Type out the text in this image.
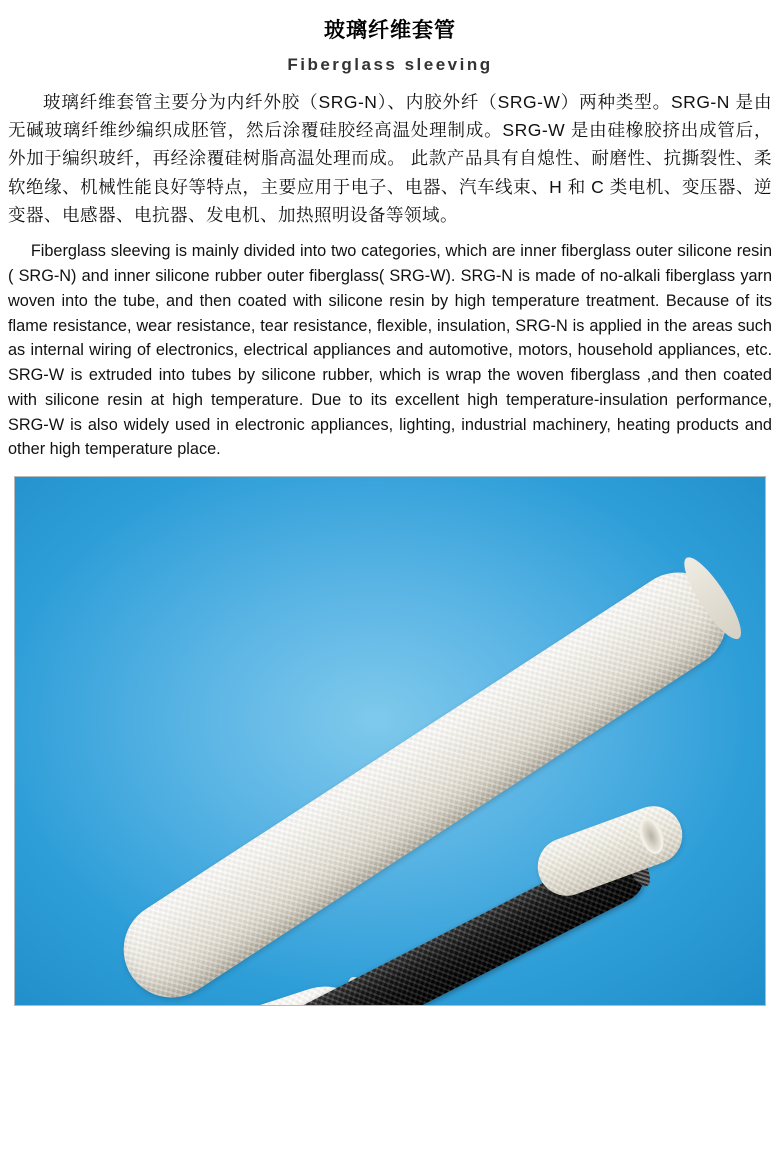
玻璃纤维套管
Fiberglass sleeving

玻璃纤维套管主要分为内纤外胶（SRG-N）、内胶外纤（SRG-W）两种类型。SRG-N 是由无碱玻璃纤维纱编织成胚管，然后涂覆硅胶经高温处理制成。SRG-W 是由硅橡胶挤出成管后，外加于编织玻纤，再经涂覆硅树脂高温处理而成。 此款产品具有自熄性、耐磨性、抗撕裂性、柔软绝缘、机械性能良好等特点，主要应用于电子、电器、汽车线束、H 和 C 类电机、变压器、逆变器、电感器、电抗器、发电机、加热照明设备等领域。

Fiberglass sleeving is mainly divided into two categories, which are inner fiberglass outer silicone resin ( SRG-N) and inner silicone rubber outer fiberglass( SRG-W). SRG-N is made of no-alkali fiberglass yarn woven into the tube, and then coated with silicone resin by high temperature treatment. Because of its flame resistance, wear resistance, tear resistance, flexible, insulation, SRG-N is applied in the areas such as internal wiring of electronics, electrical appliances and automotive, motors, household appliances, etc. SRG-W is extruded into tubes by silicone rubber, which is wrap the woven fiberglass ,and then coated with silicone resin at high temperature. Due to its excellent high temperature-insulation performance, SRG-W is also widely used in electronic appliances, lighting, industrial machinery, heating products and other high temperature place.
